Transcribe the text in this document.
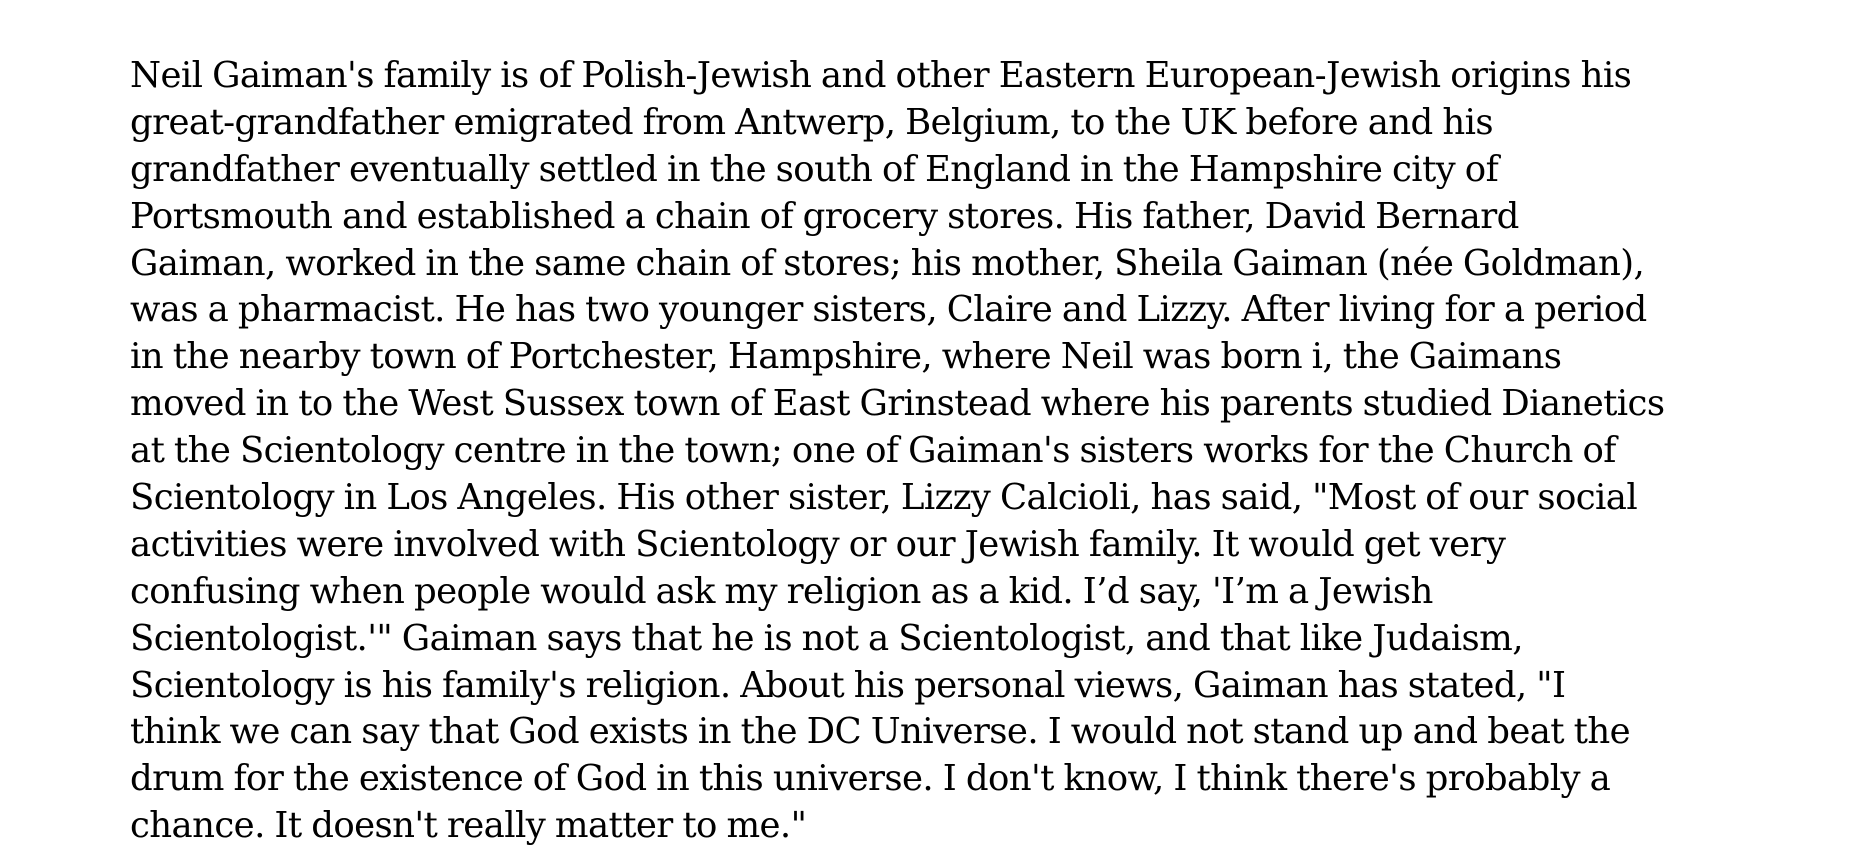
Neil Gaiman's family is of Polish-Jewish and other Eastern European-Jewish origins his
great-grandfather emigrated from Antwerp, Belgium, to the UK before and his
grandfather eventually settled in the south of England in the Hampshire city of
Portsmouth and established a chain of grocery stores. His father, David Bernard
Gaiman, worked in the same chain of stores; his mother, Sheila Gaiman (née Goldman),
was a pharmacist. He has two younger sisters, Claire and Lizzy. After living for a period
in the nearby town of Portchester, Hampshire, where Neil was born i, the Gaimans
moved in to the West Sussex town of East Grinstead where his parents studied Dianetics
at the Scientology centre in the town; one of Gaiman's sisters works for the Church of
Scientology in Los Angeles. His other sister, Lizzy Calcioli, has said, "Most of our social
activities were involved with Scientology or our Jewish family. It would get very
confusing when people would ask my religion as a kid. I’d say, 'I’m a Jewish
Scientologist.'" Gaiman says that he is not a Scientologist, and that like Judaism,
Scientology is his family's religion. About his personal views, Gaiman has stated, "I
think we can say that God exists in the DC Universe. I would not stand up and beat the
drum for the existence of God in this universe. I don't know, I think there's probably a
chance. It doesn't really matter to me."
